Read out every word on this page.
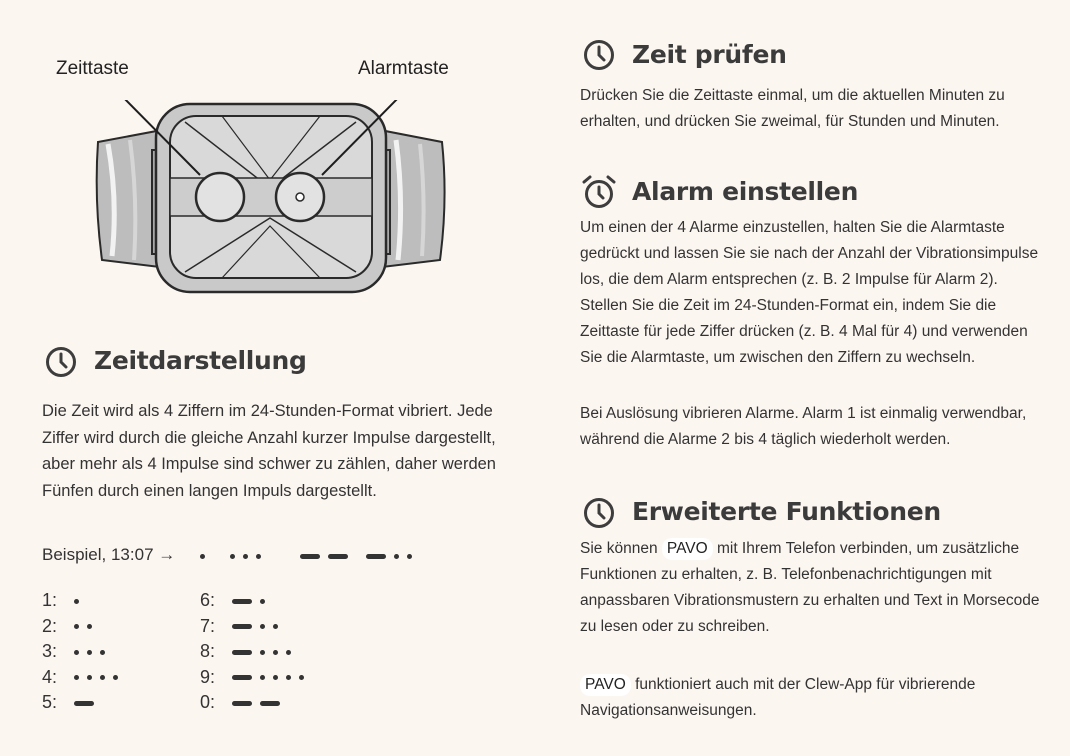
Zeittaste	Alarmtaste
Zeitdarstellung
Die Zeit wird als 4 Ziffern im 24-Stunden-Format vibriert. Jede Ziffer wird durch die gleiche Anzahl kurzer Impulse dargestellt, aber mehr als 4 Impulse sind schwer zu zählen, daher werden Fünfen durch einen langen Impuls dargestellt.
Beispiel, 13:07 →
1:
2:
3:
4:
5:
6:
7:
8:
9:
0:
Zeit prüfen
Drücken Sie die Zeittaste einmal, um die aktuellen Minuten zu erhalten, und drücken Sie zweimal, für Stunden und Minuten.
Alarm einstellen
Um einen der 4 Alarme einzustellen, halten Sie die Alarmtaste gedrückt und lassen Sie sie nach der Anzahl der Vibrationsimpulse los, die dem Alarm entsprechen (z. B. 2 Impulse für Alarm 2). Stellen Sie die Zeit im 24-Stunden-Format ein, indem Sie die Zeittaste für jede Ziffer drücken (z. B. 4 Mal für 4) und verwenden Sie die Alarmtaste, um zwischen den Ziffern zu wechseln.
Bei Auslösung vibrieren Alarme. Alarm 1 ist einmalig verwendbar, während die Alarme 2 bis 4 täglich wiederholt werden.
Erweiterte Funktionen
Sie können PAVO mit Ihrem Telefon verbinden, um zusätzliche Funktionen zu erhalten, z. B. Telefonbenachrichtigungen mit anpassbaren Vibrationsmustern zu erhalten und Text in Morsecode zu lesen oder zu schreiben.
PAVO funktioniert auch mit der Clew-App für vibrierende Navigationsanweisungen.
